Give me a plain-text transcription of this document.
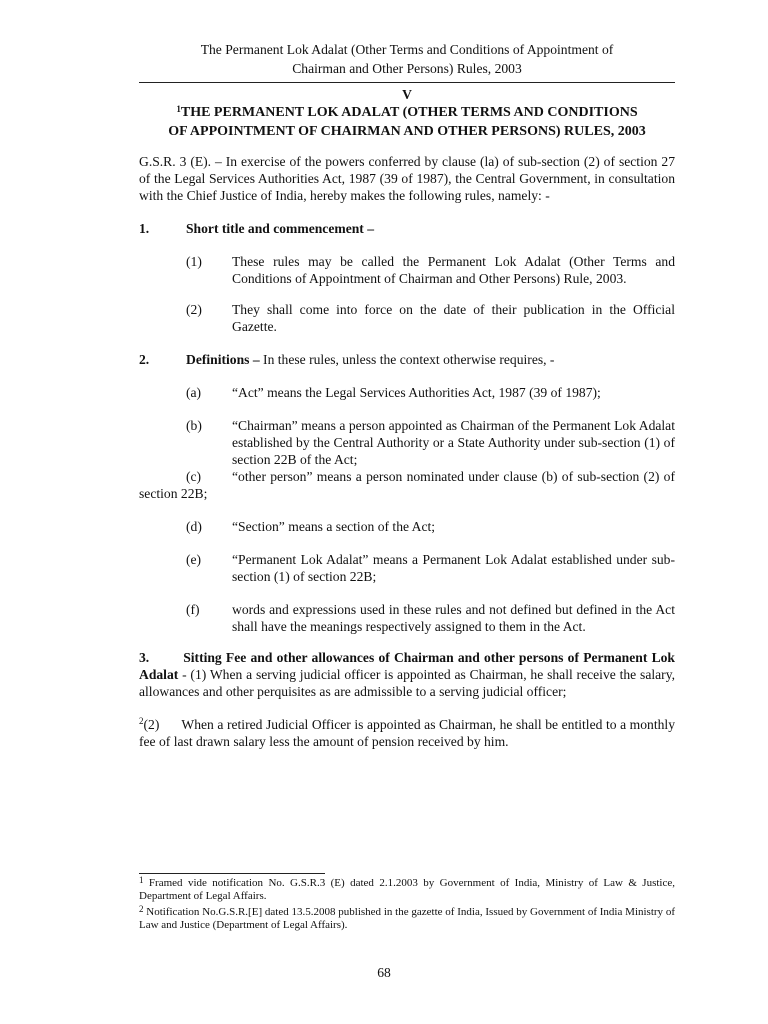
The Permanent Lok Adalat (Other Terms and Conditions of Appointment of
Chairman and Other Persons) Rules, 2003
V
$^1$THE PERMANENT LOK ADALAT (OTHER TERMS AND CONDITIONS
OF APPOINTMENT OF CHAIRMAN AND OTHER PERSONS) RULES, 2003

G.S.R. 3 (E). – In exercise of the powers conferred by clause (la) of sub-section (2) of section 27 of the Legal Services Authorities Act, 1987 (39 of 1987), the Central Government, in consultation with the Chief Justice of India, hereby makes the following rules, namely: -

1.	Short title and commencement –
(1)	These rules may be called the Permanent Lok Adalat (Other Terms and Conditions of Appointment of Chairman and Other Persons) Rule, 2003.
(2)	They shall come into force on the date of their publication in the Official Gazette.
2.	Definitions – In these rules, unless the context otherwise requires, -
(a)	“Act” means the Legal Services Authorities Act, 1987 (39 of 1987);
(b)	“Chairman” means a person appointed as Chairman of the Permanent Lok Adalat established by the Central Authority or a State Authority under sub-section (1) of section 22B of the Act;

(c) “other person” means a person nominated under clause (b) of sub-section (2) of section 22B;

(d)	“Section” means a section of the Act;
(e)	“Permanent Lok Adalat” means a Permanent Lok Adalat established under sub-section (1) of section 22B;
(f)	words and expressions used in these rules and not defined but defined in the Act shall have the meanings respectively assigned to them in the Act.

3.	Sitting Fee and other allowances of Chairman and other persons of Permanent Lok Adalat - (1) When a serving judicial officer is appointed as Chairman, he shall receive the salary, allowances and other perquisites as are admissible to a serving judicial officer;

$^2$(2) When a retired Judicial Officer is appointed as Chairman, he shall be entitled to a monthly fee of last drawn salary less the amount of pension received by him.

$^1$ Framed vide notification No. G.S.R.3 (E) dated 2.1.2003 by Government of India, Ministry of Law & Justice, Department of Legal Affairs.

$^2$ Notification No.G.S.R.[E] dated 13.5.2008 published in the gazette of India, Issued by Government of India Ministry of Law and Justice (Department of Legal Affairs).

68
